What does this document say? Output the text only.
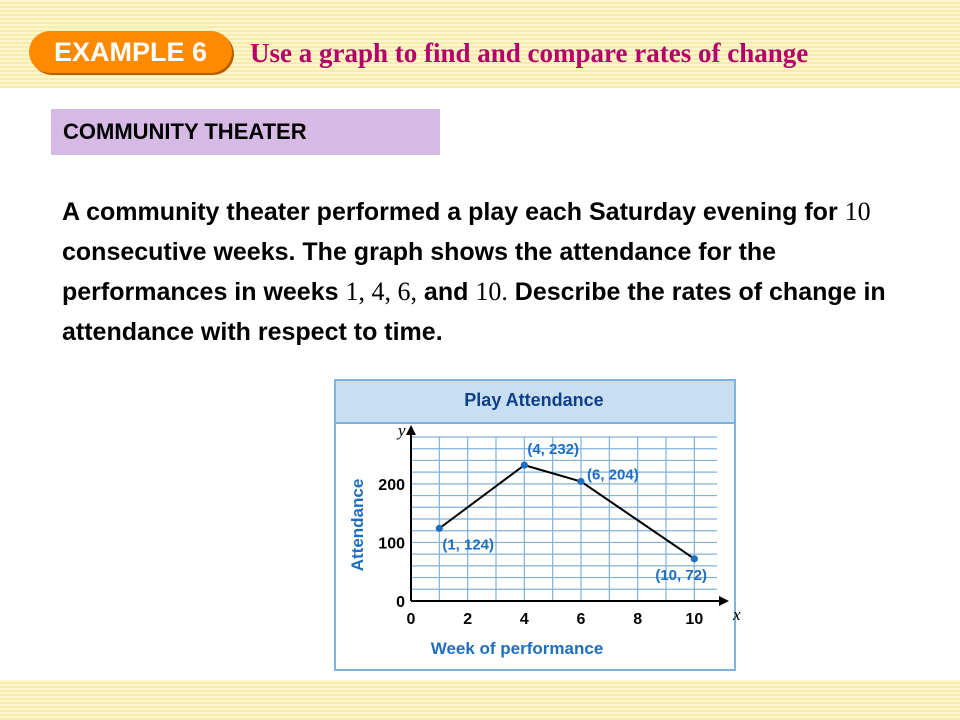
EXAMPLE 6	Use a graph to find and compare rates of change
COMMUNITY THEATER
A community theater performed a play each Saturday evening for 10 consecutive weeks. The graph shows the attendance for the performances in weeks 1, 4, 6, and 10. Describe the rates of change in attendance with respect to time.
Play Attendance
x
y
0	2	4	6	8	10
0
100
200
(1, 124)
(4, 232)
(6, 204)
(10, 72)
Week of performance
Attendance
